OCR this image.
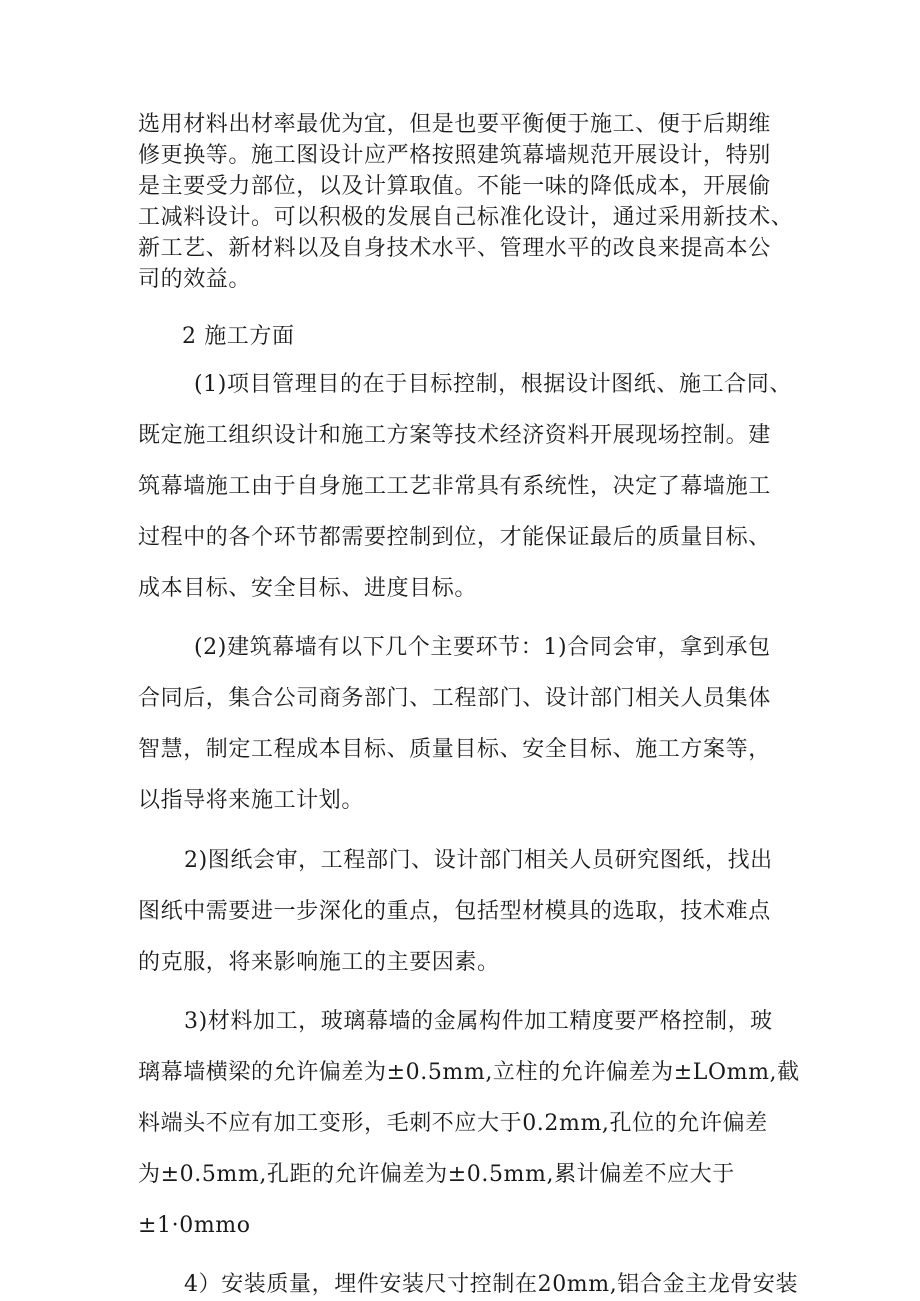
选用材料出材率最优为宜，但是也要平衡便于施工、便于后期维

修更换等。施工图设计应严格按照建筑幕墙规范开展设计，特别

是主要受力部位，以及计算取值。不能一味的降低成本，开展偷

工减料设计。可以积极的发展自己标准化设计，通过采用新技术、

新工艺、新材料以及自身技术水平、管理水平的改良来提高本公

司的效益。

2 施工方面

(1)项目管理目的在于目标控制，根据设计图纸、施工合同、

既定施工组织设计和施工方案等技术经济资料开展现场控制。建

筑幕墙施工由于自身施工工艺非常具有系统性，决定了幕墙施工

过程中的各个环节都需要控制到位，才能保证最后的质量目标、

成本目标、安全目标、进度目标。

(2)建筑幕墙有以下几个主要环节：1)合同会审，拿到承包

合同后，集合公司商务部门、工程部门、设计部门相关人员集体

智慧，制定工程成本目标、质量目标、安全目标、施工方案等，

以指导将来施工计划。

2)图纸会审，工程部门、设计部门相关人员研究图纸，找出

图纸中需要进一步深化的重点，包括型材模具的选取，技术难点

的克服，将来影响施工的主要因素。

3)材料加工，玻璃幕墙的金属构件加工精度要严格控制，玻

璃幕墙横梁的允许偏差为±0.5mm,立柱的允许偏差为±LOmm,截

料端头不应有加工变形，毛刺不应大于0.2mm,孔位的允许偏差

为±0.5mm,孔距的允许偏差为±0.5mm,累计偏差不应大于

±1·0mmo

4）安装质量，埋件安装尺寸控制在20mm,铝合金主龙骨安装
